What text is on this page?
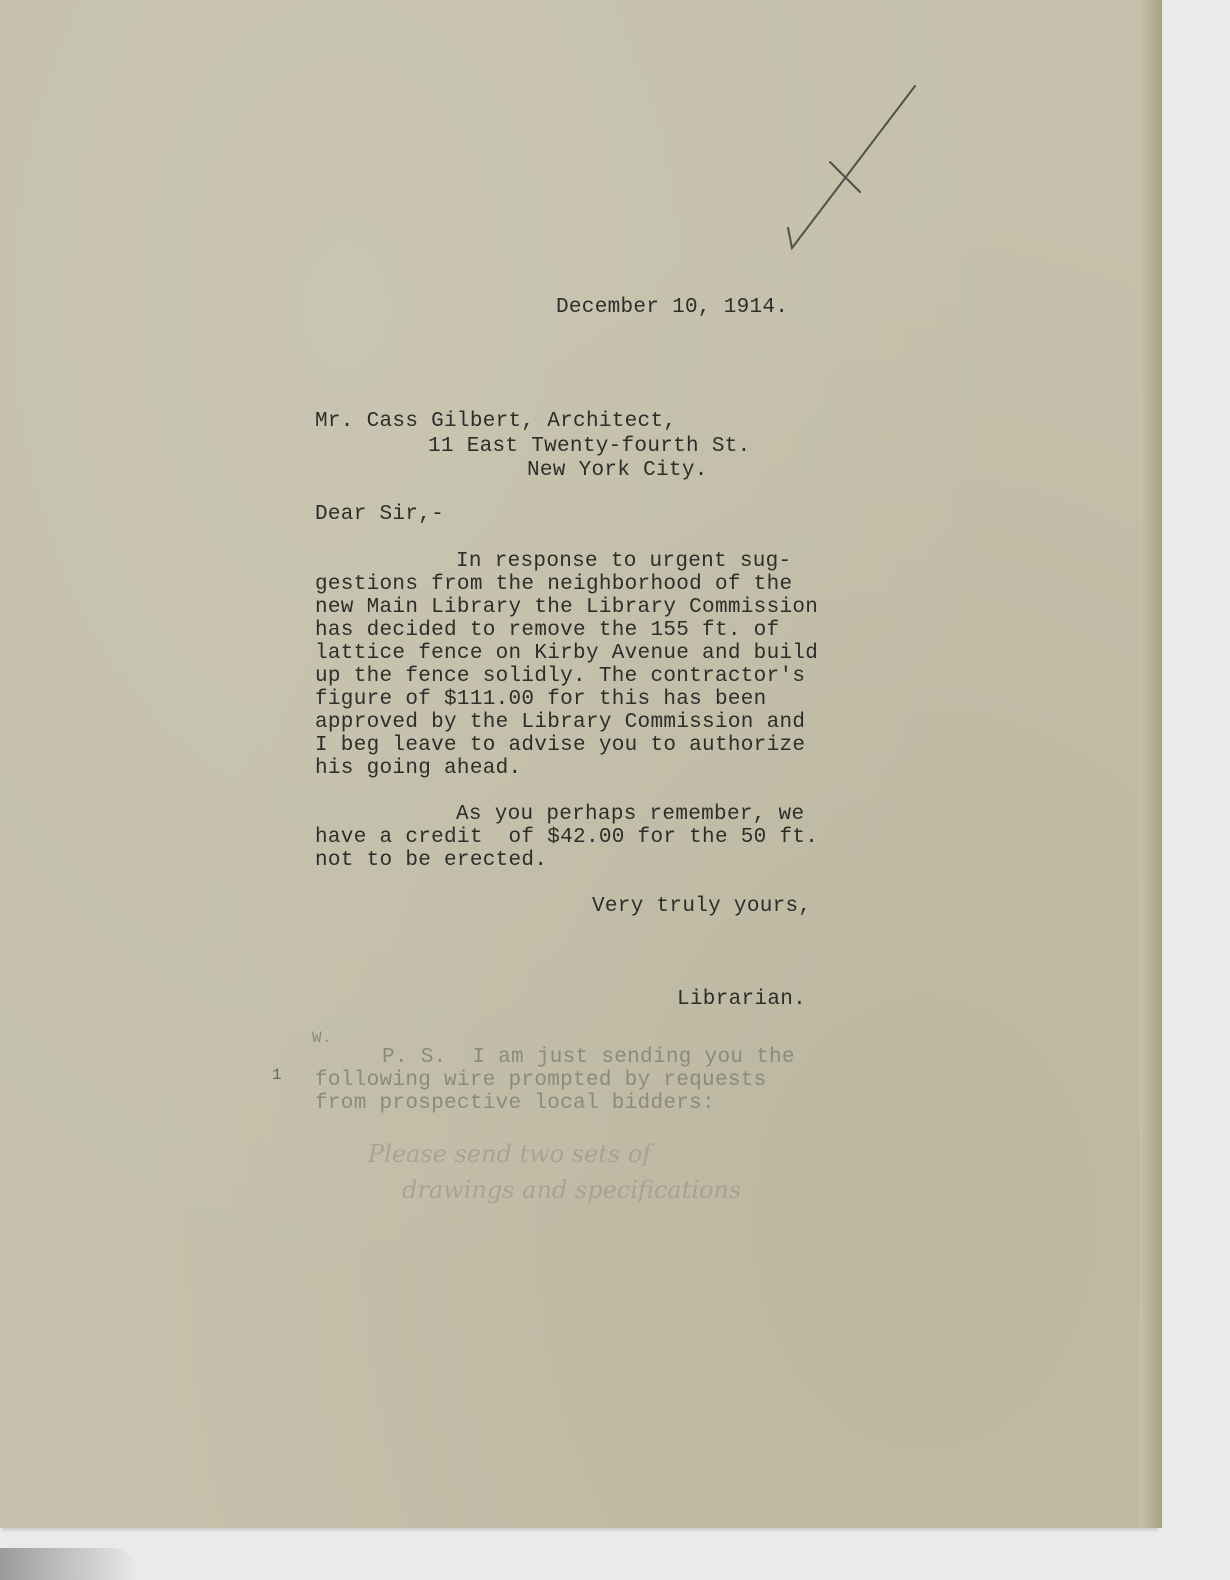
December 10, 1914.
Mr. Cass Gilbert, Architect,
11 East Twenty-fourth St.
New York City.
Dear Sir,-
In response to urgent sug-
gestions from the neighborhood of the
new Main Library the Library Commission
has decided to remove the 155 ft. of
lattice fence on Kirby Avenue and build
up the fence solidly. The contractor's
figure of $111.00 for this has been
approved by the Library Commission and
I beg leave to advise you to authorize
his going ahead.
As you perhaps remember, we
have a credit  of $42.00 for the 50 ft.
not to be erected.
Very truly yours,
Librarian.
W.
P. S.  I am just sending you the
following wire prompted by requests
from prospective local bidders:
1
Please send two sets of
drawings and specifications
